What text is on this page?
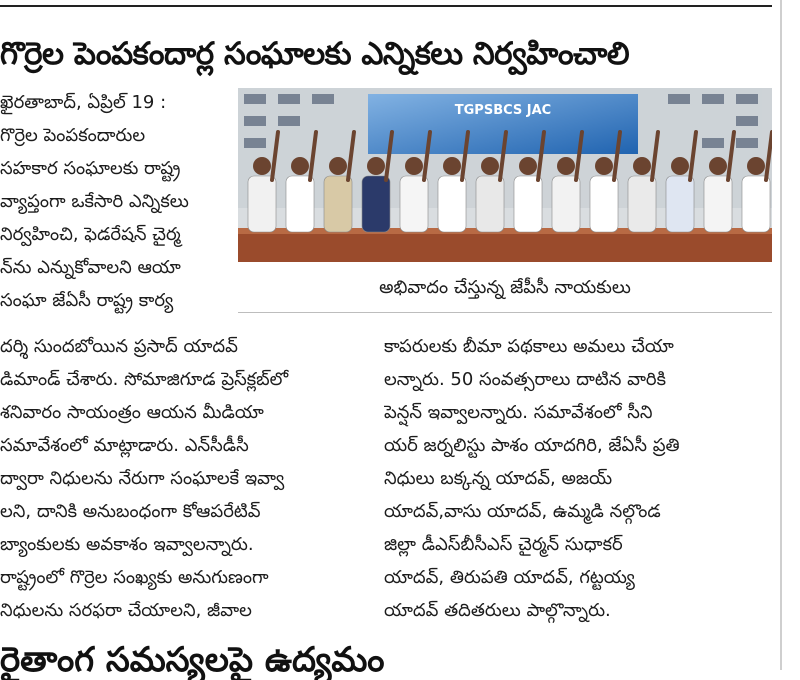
గొర్రెల పెంపకందార్ల సంఘాలకు ఎన్నికలు నిర్వహించాలి
ఖైరతాబాద్, ఏప్రిల్ 19 :
గొర్రెల పెంపకందారుల
సహకార సంఘాలకు రాష్ట్ర
వ్యాప్తంగా ఒకేసారి ఎన్నికలు
నిర్వహించి, ఫెడరేషన్ చైర్మ
న్‌ను ఎన్నుకోవాలని ఆయా
సంఘా జేఏసీ రాష్ట్ర కార్య
TGPSBCS JAC
అభివాదం చేస్తున్న జేపీసీ నాయకులు
దర్శి సుందబోయిన ప్రసాద్ యాదవ్
డిమాండ్ చేశారు. సోమాజిగూడ ప్రెస్‌క్లబ్‌లో
శనివారం సాయంత్రం ఆయన మీడియా
సమావేశంలో మాట్లాడారు. ఎన్‌సీడీసీ
ద్వారా నిధులను నేరుగా సంఘాలకే ఇవ్వా
లని, దానికి అనుబంధంగా కోఆపరేటివ్
బ్యాంకులకు అవకాశం ఇవ్వాలన్నారు.
రాష్ట్రంలో గొర్రెల సంఖ్యకు అనుగుణంగా
నిధులను సరఫరా చేయాలని, జీవాల
కాపరులకు బీమా పథకాలు అమలు చేయా
లన్నారు. 50 సంవత్సరాలు దాటిన వారికి
పెన్షన్ ఇవ్వాలన్నారు. సమావేశంలో సీని
యర్ జర్నలిస్టు పాశం యాదగిరి, జేఏసీ ప్రతి
నిధులు బక్కన్న యాదవ్, అజయ్
యాదవ్,వాసు యాదవ్, ఉమ్మడి నల్గొండ
జిల్లా డీఎస్‌బీసీఎస్ చైర్మన్ సుధాకర్
యాదవ్, తిరుపతి యాదవ్, గట్టయ్య
యాదవ్ తదితరులు పాల్గొన్నారు.
రైతాంగ సమస్యలపై ఉద్యమం
